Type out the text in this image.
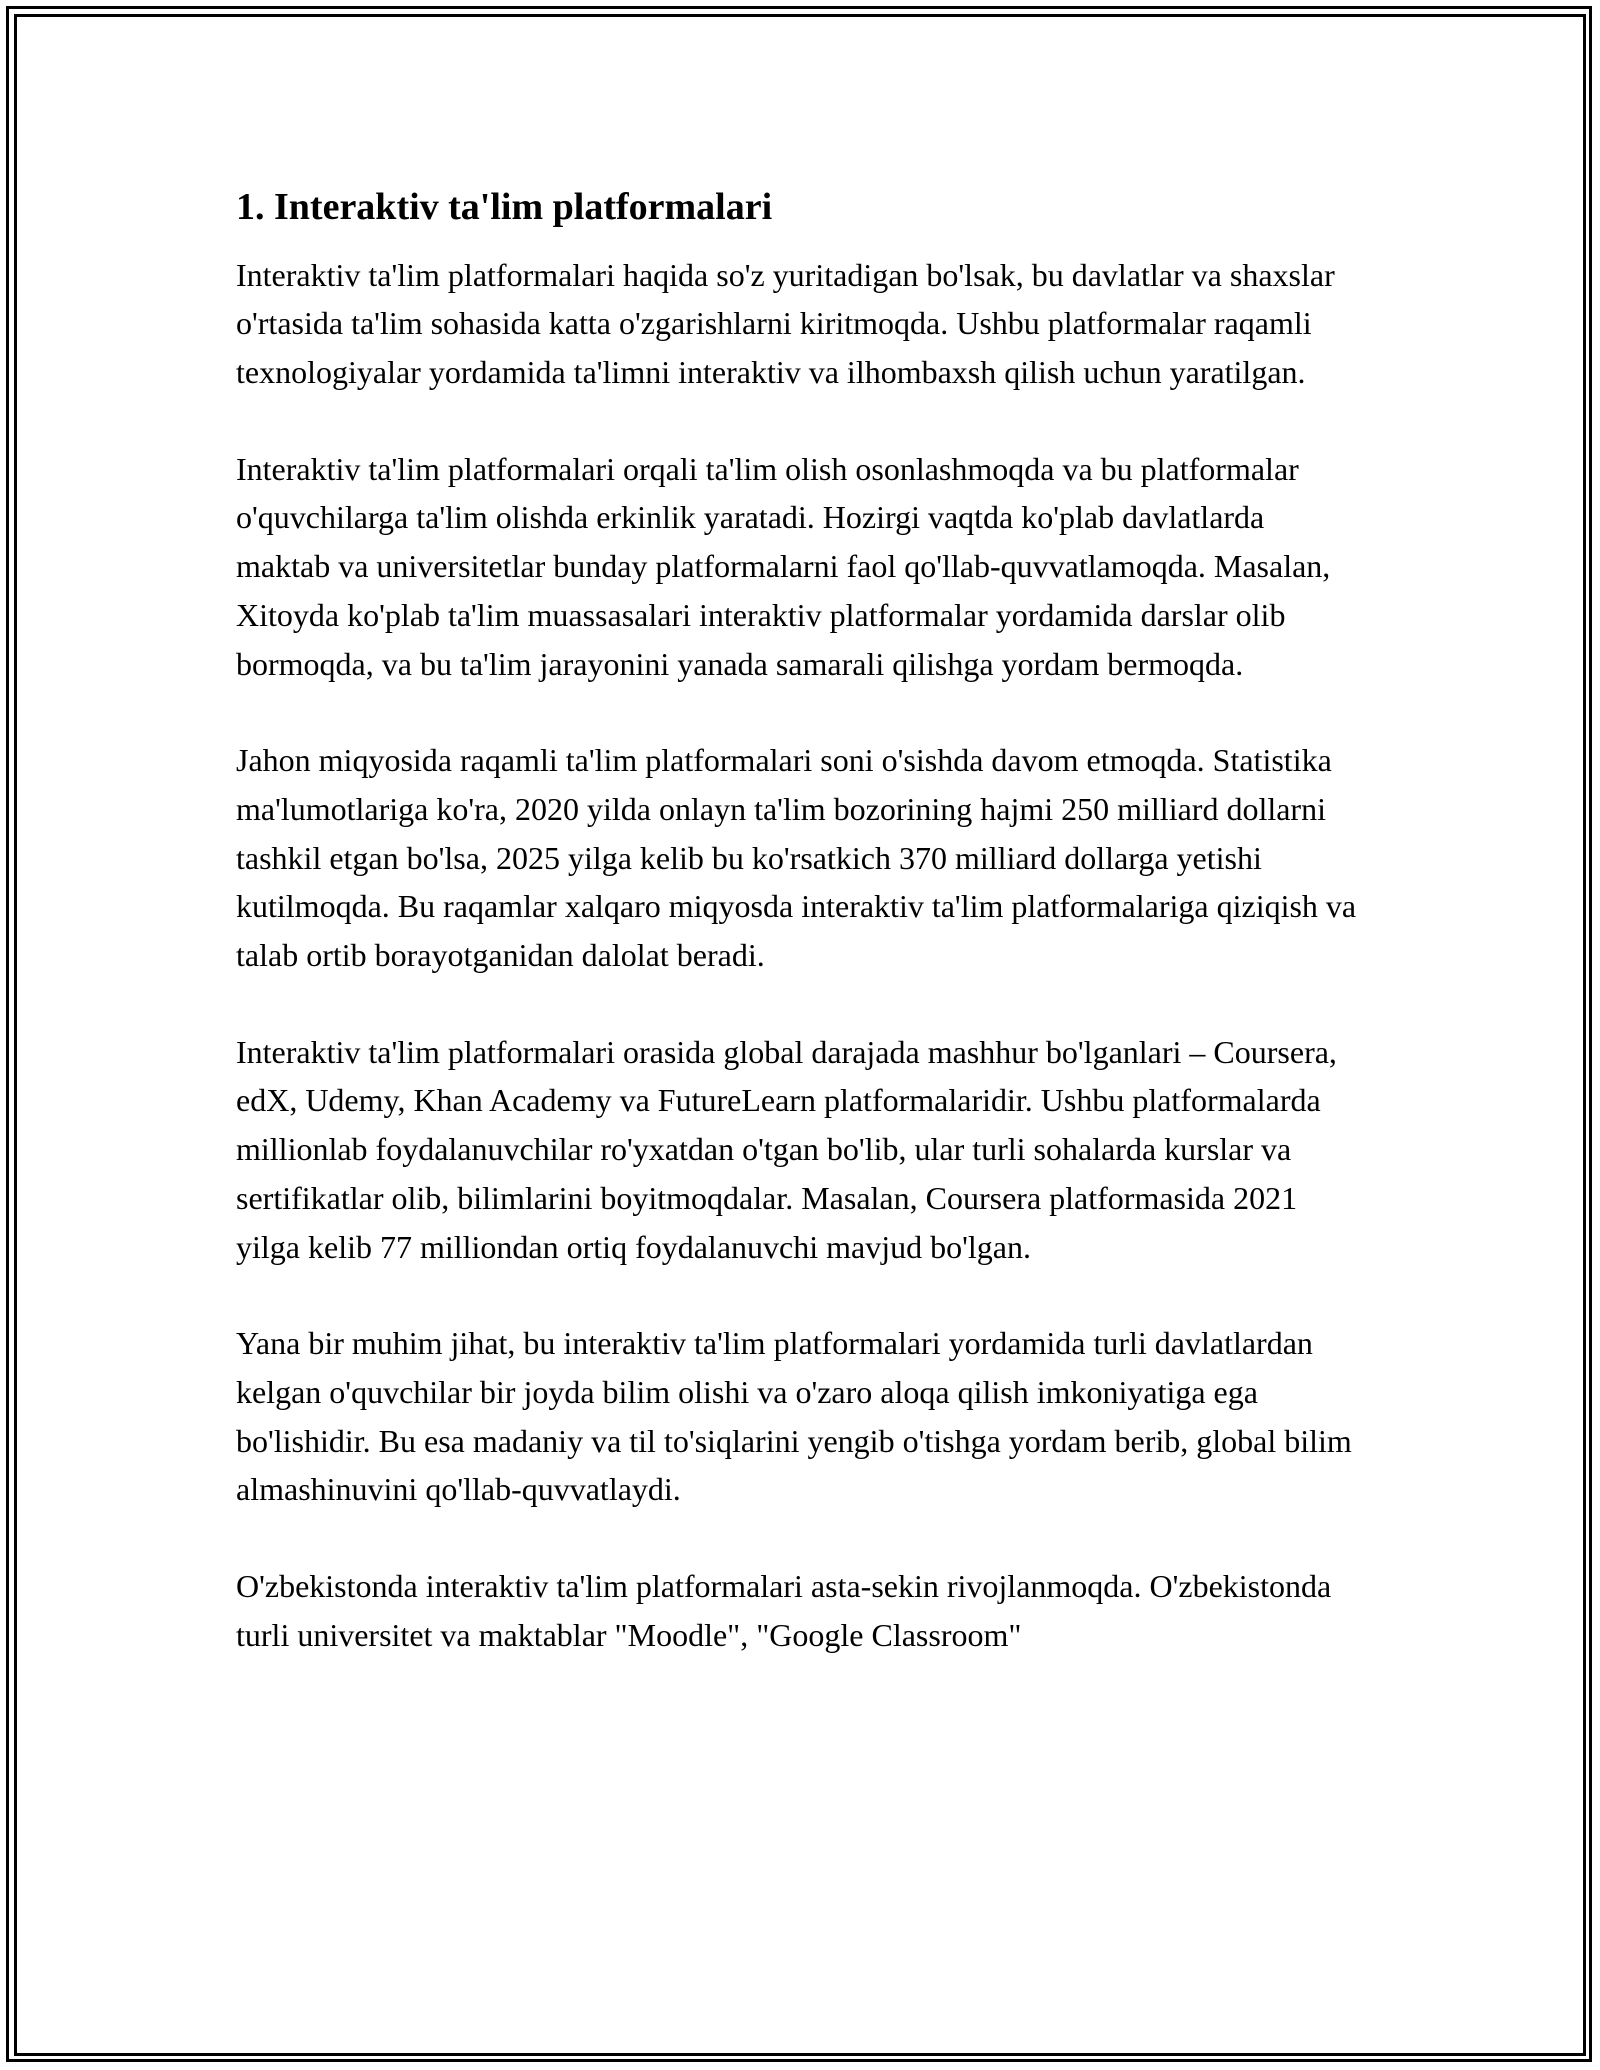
1. Interaktiv ta'lim platformalari

Interaktiv ta'lim platformalari haqida so'z yuritadigan bo'lsak, bu davlatlar va shaxslar o'rtasida ta'lim sohasida katta o'zgarishlarni kiritmoqda. Ushbu platformalar raqamli texnologiyalar yordamida ta'limni interaktiv va ilhombaxsh qilish uchun yaratilgan.

Interaktiv ta'lim platformalari orqali ta'lim olish osonlashmoqda va bu platformalar o'quvchilarga ta'lim olishda erkinlik yaratadi. Hozirgi vaqtda ko'plab davlatlarda maktab va universitetlar bunday platformalarni faol qo'llab-quvvatlamoqda. Masalan, Xitoyda ko'plab ta'lim muassasalari interaktiv platformalar yordamida darslar olib bormoqda, va bu ta'lim jarayonini yanada samarali qilishga yordam bermoqda.

Jahon miqyosida raqamli ta'lim platformalari soni o'sishda davom etmoqda. Statistika ma'lumotlariga ko'ra, 2020 yilda onlayn ta'lim bozorining hajmi 250 milliard dollarni tashkil etgan bo'lsa, 2025 yilga kelib bu ko'rsatkich 370 milliard dollarga yetishi kutilmoqda. Bu raqamlar xalqaro miqyosda interaktiv ta'lim platformalariga qiziqish va talab ortib borayotganidan dalolat beradi.

Interaktiv ta'lim platformalari orasida global darajada mashhur bo'lganlari – Coursera, edX, Udemy, Khan Academy va FutureLearn platformalaridir. Ushbu platformalarda millionlab foydalanuvchilar ro'yxatdan o'tgan bo'lib, ular turli sohalarda kurslar va sertifikatlar olib, bilimlarini boyitmoqdalar. Masalan, Coursera platformasida 2021 yilga kelib 77 milliondan ortiq foydalanuvchi mavjud bo'lgan.

Yana bir muhim jihat, bu interaktiv ta'lim platformalari yordamida turli davlatlardan kelgan o'quvchilar bir joyda bilim olishi va o'zaro aloqa qilish imkoniyatiga ega bo'lishidir. Bu esa madaniy va til to'siqlarini yengib o'tishga yordam berib, global bilim almashinuvini qo'llab-quvvatlaydi.

O'zbekistonda interaktiv ta'lim platformalari asta-sekin rivojlanmoqda. O'zbekistonda turli universitet va maktablar "Moodle", "Google Classroom"
